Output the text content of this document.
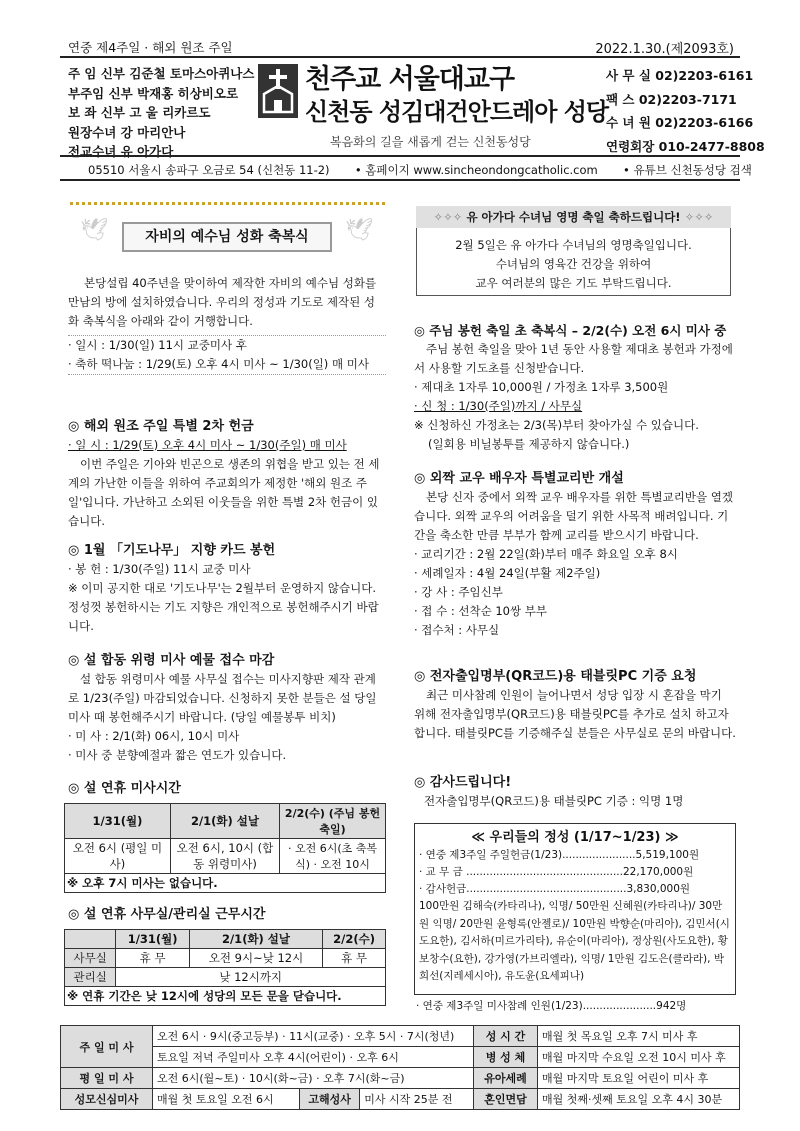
연중 제4주일 · 해외 원조 주일	2022.1.30.(제2093호)
주 임 신부 김준철 토마스아퀴나스
부주임 신부 박재홍 히상비오로
보 좌 신부 고 울 리카르도
원장수녀 강 마리안나
전교수녀 유 아가다
천주교 서울대교구
신천동 성김대건안드레아 성당
복음화의 길을 새롭게 걷는 신천동성당
사 무 실 02)2203-6161
팩 스 02)2203-7171
수 녀 원 02)2203-6166
연령회장 010-2477-8808
05510 서울시 송파구 오금로 54 (신천동 11-2) • 홈페이지 www.sincheondongcatholic.com • 유튜브 신천동성당 검색
🕊	자비의 예수님 성화 축복식	🕊
본당설립 40주년을 맞이하여 제작한 자비의 예수님 성화를 만남의 방에 설치하였습니다. 우리의 정성과 기도로 제작된 성화 축복식을 아래와 같이 거행합니다.
· 일시 : 1/30(일) 11시 교중미사 후
· 축하 떡나눔 : 1/29(토) 오후 4시 미사 ~ 1/30(일) 매 미사
◎ 해외 원조 주일 특별 2차 헌금
· 일 시 : 1/29(토) 오후 4시 미사 ~ 1/30(주일) 매 미사
이번 주일은 기아와 빈곤으로 생존의 위협을 받고 있는 전 세계의 가난한 이들을 위하여 주교회의가 제정한 '해외 원조 주일'입니다. 가난하고 소외된 이웃들을 위한 특별 2차 헌금이 있습니다.
◎ 1월 「기도나무」 지향 카드 봉헌
· 봉 헌 : 1/30(주일) 11시 교중 미사
※ 이미 공지한 대로 '기도나무'는 2월부터 운영하지 않습니다. 정성껏 봉헌하시는 기도 지향은 개인적으로 봉헌해주시기 바랍니다.
◎ 설 합동 위령 미사 예물 접수 마감
설 합동 위령미사 예물 사무실 접수는 미사지향판 제작 관계로 1/23(주일) 마감되었습니다. 신청하지 못한 분들은 설 당일 미사 때 봉헌해주시기 바랍니다. (당일 예물봉투 비치)
· 미 사 : 2/1(화) 06시, 10시 미사
· 미사 중 분향예절과 짧은 연도가 있습니다.
◎ 설 연휴 미사시간
1/31(월)	2/1(화) 설날	2/2(수) (주님 봉헌 축일)
오전 6시 (평일 미사)	오전 6시, 10시 (합동 위령미사)	· 오전 6시(초 축복식) · 오전 10시
※ 오후 7시 미사는 없습니다.		
◎ 설 연휴 사무실/관리실 근무시간
	1/31(월)	2/1(화) 설날	2/2(수)
사무실	휴 무	오전 9시~낮 12시	휴 무
관리실	낮 12시까지		
※ 연휴 기간은 낮 12시에 성당의 모든 문을 닫습니다.			
✧✧✧ 유 아가다 수녀님 영명 축일 축하드립니다! ✧✧✧
2월 5일은 유 아가다 수녀님의 영명축일입니다.
수녀님의 영육간 건강을 위하여
교우 여러분의 많은 기도 부탁드립니다.
◎ 주님 봉헌 축일 초 축복식 – 2/2(수) 오전 6시 미사 중
주님 봉헌 축일을 맞아 1년 동안 사용할 제대초 봉헌과 가정에서 사용할 기도초를 신청받습니다.
· 제대초 1자루 10,000원 / 가정초 1자루 3,500원
· 신 청 : 1/30(주일)까지 / 사무실
※ 신청하신 가정초는 2/3(목)부터 찾아가실 수 있습니다.
(일회용 비닐봉투를 제공하지 않습니다.)
◎ 외짝 교우 배우자 특별교리반 개설
본당 신자 중에서 외짝 교우 배우자를 위한 특별교리반을 열겠습니다. 외짝 교우의 어려움을 덜기 위한 사목적 배려입니다. 기간을 축소한 만큼 부부가 함께 교리를 받으시기 바랍니다.
· 교리기간 : 2월 22일(화)부터 매주 화요일 오후 8시
· 세례일자 : 4월 24일(부활 제2주일)
· 강 사 : 주임신부
· 접 수 : 선착순 10쌍 부부
· 접수처 : 사무실
◎ 전자출입명부(QR코드)용 태블릿PC 기증 요청
최근 미사참례 인원이 늘어나면서 성당 입장 시 혼잡을 막기 위해 전자출입명부(QR코드)용 태블릿PC를 추가로 설치 하고자 합니다. 태블릿PC를 기증해주실 분들은 사무실로 문의 바랍니다.
◎ 감사드립니다!
전자출입명부(QR코드)용 태블릿PC 기증 : 익명 1명
≪ 우리들의 정성 (1/17~1/23) ≫
· 연중 제3주일 주일헌금(1/23)......................5,519,100원
· 교 무 금 ...............................................22,170,000원
· 감사헌금................................................3,830,000원
100만원 김해숙(카타리나), 익명/ 50만원 신혜원(카타리나)/ 30만원 익명/ 20만원 윤형록(안젤로)/ 10만원 박향순(마리아), 김민서(시도요한), 김서하(미르가리타), 유순이(마리아), 정상원(사도요한), 황보창수(요한), 강가영(가브리엘라), 익명/ 1만원 김도은(클라라), 박희선(지레세시아), 유도윤(요세피나)
· 연중 제3주일 미사참례 인원(1/23)......................942명
주 일 미 사	오전 6시 · 9시(중고등부) · 11시(교중) · 오후 5시 · 7시(청년)			성 시 간	매월 첫 목요일 오후 7시 미사 후
	토요일 저녁 주일미사 오후 4시(어린이) · 오후 6시			병 성 체	매월 마지막 수요일 오전 10시 미사 후
평 일 미 사	오전 6시(월~토) · 10시(화~금) · 오후 7시(화~금)			유아세례	매월 마지막 토요일 어린이 미사 후
성모신심미사	매월 첫 토요일 오전 6시	고해성사	미사 시작 25분 전	혼인면담	매월 첫째·셋째 토요일 오후 4시 30분
